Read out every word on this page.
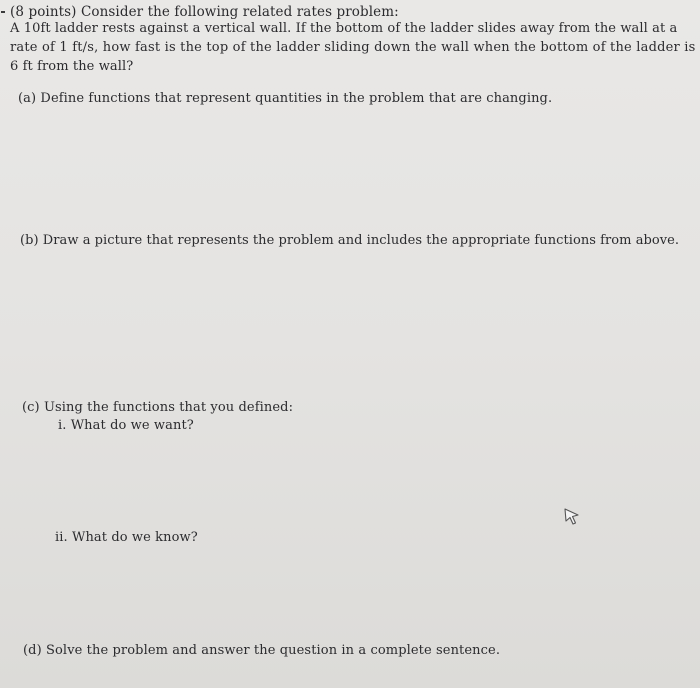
(8 points) Consider the following related rates problem:
A 10ft ladder rests against a vertical wall. If the bottom of the ladder slides away from the wall at a
rate of 1 ft/s, how fast is the top of the ladder sliding down the wall when the bottom of the ladder is
6 ft from the wall?
(a) Define functions that represent quantities in the problem that are changing.
(b) Draw a picture that represents the problem and includes the appropriate functions from above.
(c) Using the functions that you defined:
i. What do we want?
ii. What do we know?
(d) Solve the problem and answer the question in a complete sentence.
